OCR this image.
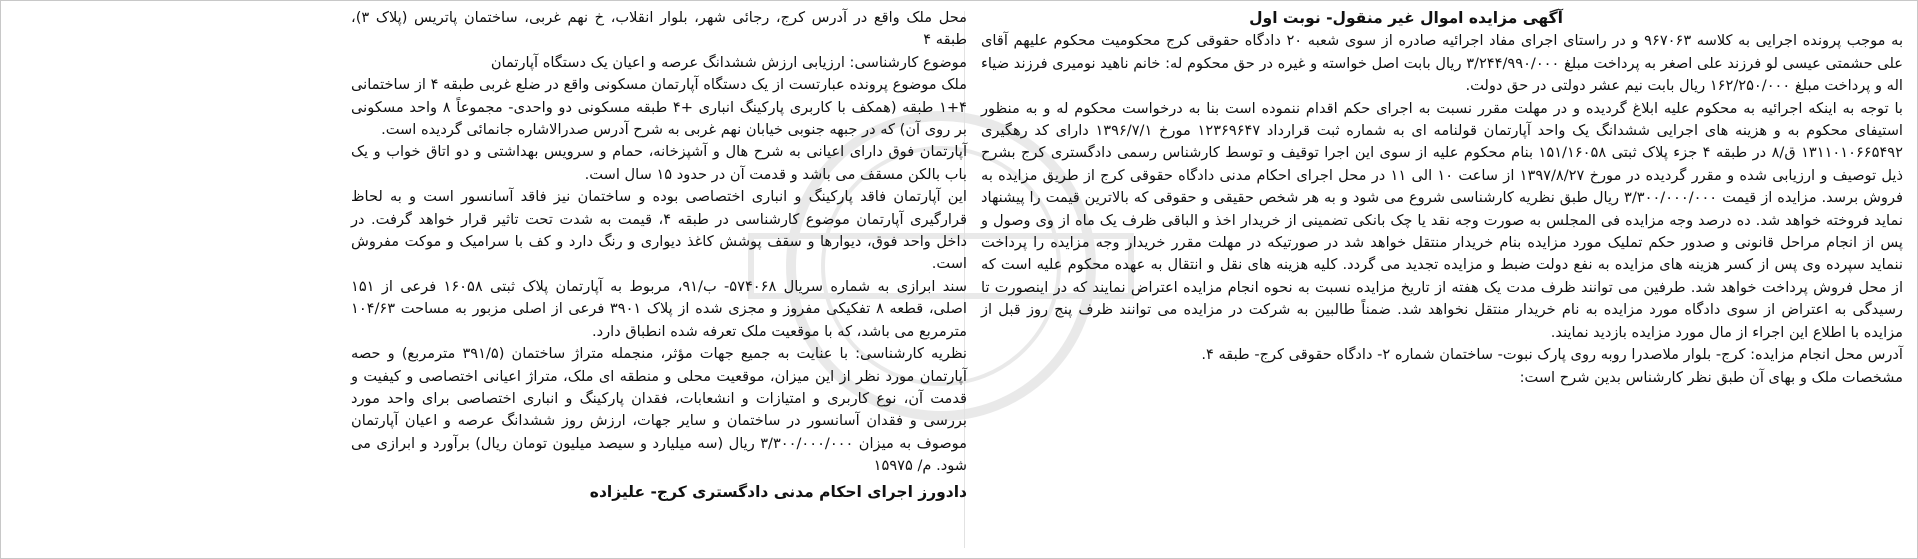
آگهی مزایده اموال غیر منقول- نوبت اول
به موجب پرونده اجرایی به کلاسه ۹۶۷۰۶۳ و در راستای اجرای مفاد اجرائیه صادره از سوی شعبه ۲۰ دادگاه حقوقی کرج محکومیت محکوم علیهم آقای علی حشمتی عیسی لو فرزند علی اصغر به پرداخت مبلغ ۳/۲۴۴/۹۹۰/۰۰۰ ریال بابت اصل خواسته و غیره در حق محکوم له: خانم ناهید نومیری فرزند ضیاء اله و پرداخت مبلغ ۱۶۲/۲۵۰/۰۰۰ ریال بابت نیم عشر دولتی در حق دولت.
با توجه به اینکه اجرائیه به محکوم علیه ابلاغ گردیده و در مهلت مقرر نسبت به اجرای حکم اقدام ننموده است بنا به درخواست محکوم له و به منظور استیفای محکوم به و هزینه های اجرایی ششدانگ یک واحد آپارتمان قولنامه ای به شماره ثبت قرارداد ۱۲۳۶۹۶۴۷ مورخ ۱۳۹۶/۷/۱ دارای کد رهگیری ۱۳۱۱۰۱۰۶۶۵۴۹۲ ق/۸ در طبقه ۴ جزء پلاک ثبتی ۱۵۱/۱۶۰۵۸ بنام محکوم علیه از سوی این اجرا توقیف و توسط کارشناس رسمی دادگستری کرج بشرح ذیل توصیف و ارزیابی شده و مقرر گردیده در مورخ ۱۳۹۷/۸/۲۷ از ساعت ۱۰ الی ۱۱ در محل اجرای احکام مدنی دادگاه حقوقی کرج از طریق مزایده به فروش برسد. مزایده از قیمت ۳/۳۰۰/۰۰۰/۰۰۰ ریال طبق نظریه کارشناسی شروع می شود و به هر شخص حقیقی و حقوقی که بالاترین قیمت را پیشنهاد نماید فروخته خواهد شد. ده درصد وجه مزایده فی المجلس به صورت وجه نقد یا چک بانکی تضمینی از خریدار اخذ و الباقی ظرف یک ماه از وی وصول و پس از انجام مراحل قانونی و صدور حکم تملیک مورد مزایده بنام خریدار منتقل خواهد شد در صورتیکه در مهلت مقرر خریدار وجه مزایده را پرداخت ننماید سپرده وی پس از کسر هزینه های مزایده به نفع دولت ضبط و مزایده تجدید می گردد. کلیه هزینه های نقل و انتقال به عهده محکوم علیه است که از محل فروش پرداخت خواهد شد. طرفین می توانند ظرف مدت یک هفته از تاریخ مزایده نسبت به نحوه انجام مزایده اعتراض نمایند که در اینصورت تا رسیدگی به اعتراض از سوی دادگاه مورد مزایده به نام خریدار منتقل نخواهد شد. ضمناً طالبین به شرکت در مزایده می توانند ظرف پنج روز قبل از مزایده با اطلاع این اجراء از مال مورد مزایده بازدید نمایند.
آدرس محل انجام مزایده: کرج- بلوار ملاصدرا روبه روی پارک نبوت- ساختمان شماره ۲- دادگاه حقوقی کرج- طبقه ۴.
مشخصات ملک و بهای آن طبق نظر کارشناس بدین شرح است:
محل ملک واقع در آدرس کرج، رجائی شهر، بلوار انقلاب، خ نهم غربی، ساختمان پاتریس (پلاک ۳)، طبقه ۴
موضوع کارشناسی: ارزیابی ارزش ششدانگ عرصه و اعیان یک دستگاه آپارتمان
ملک موضوع پرونده عبارتست از یک دستگاه آپارتمان مسکونی واقع در ضلع غربی طبقه ۴ از ساختمانی ۴+۱ طبقه (همکف با کاربری پارکینگ انباری +۴ طبقه مسکونی دو واحدی- مجموعاً ۸ واحد مسکونی بر روی آن) که در جبهه جنوبی خیابان نهم غربی به شرح آدرس صدرالاشاره جانمائی گردیده است.
آپارتمان فوق دارای اعیانی به شرح هال و آشپزخانه، حمام و سرویس بهداشتی و دو اتاق خواب و یک باب بالکن مسقف می باشد و قدمت آن در حدود ۱۵ سال است.
این آپارتمان فاقد پارکینگ و انباری اختصاصی بوده و ساختمان نیز فاقد آسانسور است و به لحاظ قرارگیری آپارتمان موضوع کارشناسی در طبقه ۴، قیمت به شدت تحت تاثیر قرار خواهد گرفت. در داخل واحد فوق، دیوارها و سقف پوشش کاغذ دیواری و رنگ دارد و کف با سرامیک و موکت مفروش است.
سند ابرازی به شماره سریال ۵۷۴۰۶۸- ب/۹۱، مربوط به آپارتمان پلاک ثبتی ۱۶۰۵۸ فرعی از ۱۵۱ اصلی، قطعه ۸ تفکیکی مفروز و مجزی شده از پلاک ۳۹۰۱ فرعی از اصلی مزبور به مساحت ۱۰۴/۶۳ مترمربع می باشد، که با موقعیت ملک تعرفه شده انطباق دارد.
نظریه کارشناسی: با عنایت به جمیع جهات مؤثر، منجمله متراژ ساختمان (۳۹۱/۵ مترمربع) و حصه آپارتمان مورد نظر از این میزان، موقعیت محلی و منطقه ای ملک، متراژ اعیانی اختصاصی و کیفیت و قدمت آن، نوع کاربری و امتیازات و انشعابات، فقدان پارکینگ و انباری اختصاصی برای واحد مورد بررسی و فقدان آسانسور در ساختمان و سایر جهات، ارزش روز ششدانگ عرصه و اعیان آپارتمان موصوف به میزان ۳/۳۰۰/۰۰۰/۰۰۰ ریال (سه میلیارد و سیصد میلیون تومان ریال) برآورد و ابرازی می شود. م/ ۱۵۹۷۵
دادورز اجرای احکام مدنی دادگستری کرج- علیزاده
